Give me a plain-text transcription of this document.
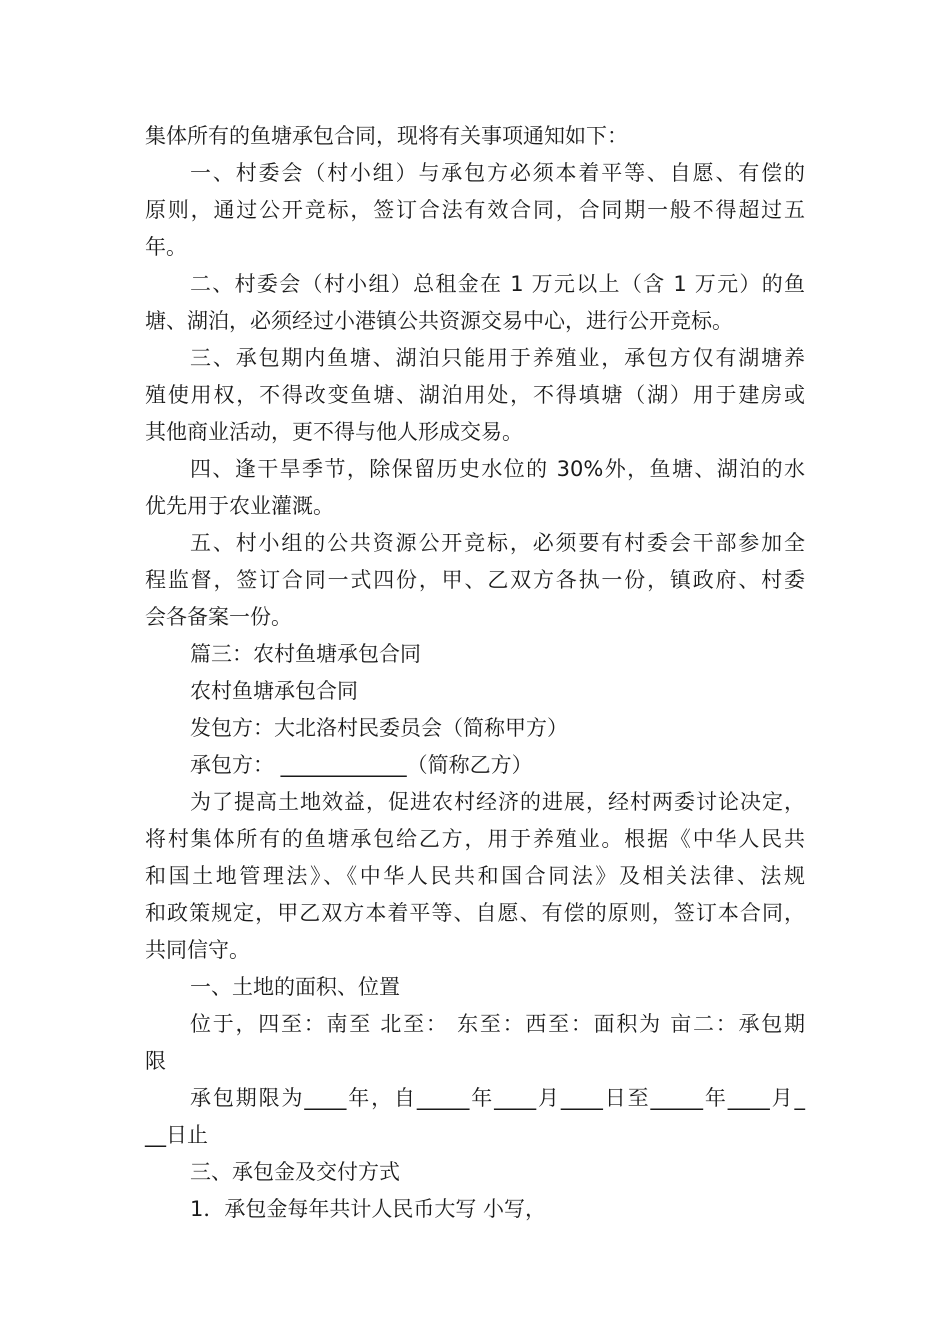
集体所有的鱼塘承包合同，现将有关事项通知如下：
一、村委会（村小组）与承包方必须本着平等、自愿、有偿的
原则，通过公开竞标，签订合法有效合同，合同期一般不得超过五
年。
二、村委会（村小组）总租金在 1 万元以上（含 1 万元）的鱼
塘、湖泊，必须经过小港镇公共资源交易中心，进行公开竞标。
三、承包期内鱼塘、湖泊只能用于养殖业，承包方仅有湖塘养
殖使用权，不得改变鱼塘、湖泊用处，不得填塘（湖）用于建房或
其他商业活动，更不得与他人形成交易。
四、逢干旱季节，除保留历史水位的 30%外，鱼塘、湖泊的水
优先用于农业灌溉。
五、村小组的公共资源公开竞标，必须要有村委会干部参加全
程监督，签订合同一式四份，甲、乙双方各执一份，镇政府、村委
会各备案一份。
篇三：农村鱼塘承包合同
农村鱼塘承包合同
发包方：大北洛村民委员会（简称甲方）
承包方： ____________（简称乙方）
为了提高土地效益，促进农村经济的进展，经村两委讨论决定，
将村集体所有的鱼塘承包给乙方，用于养殖业。根据《中华人民共
和国土地管理法》、《中华人民共和国合同法》及相关法律、法规
和政策规定，甲乙双方本着平等、自愿、有偿的原则，签订本合同，
共同信守。
一、土地的面积、位置
位于，四至：南至 北至： 东至：西至：面积为 亩二：承包期
限
承包期限为____年，自_____年____月____日至_____年____月_
__日止
三、承包金及交付方式
1．承包金每年共计人民币大写 小写，
